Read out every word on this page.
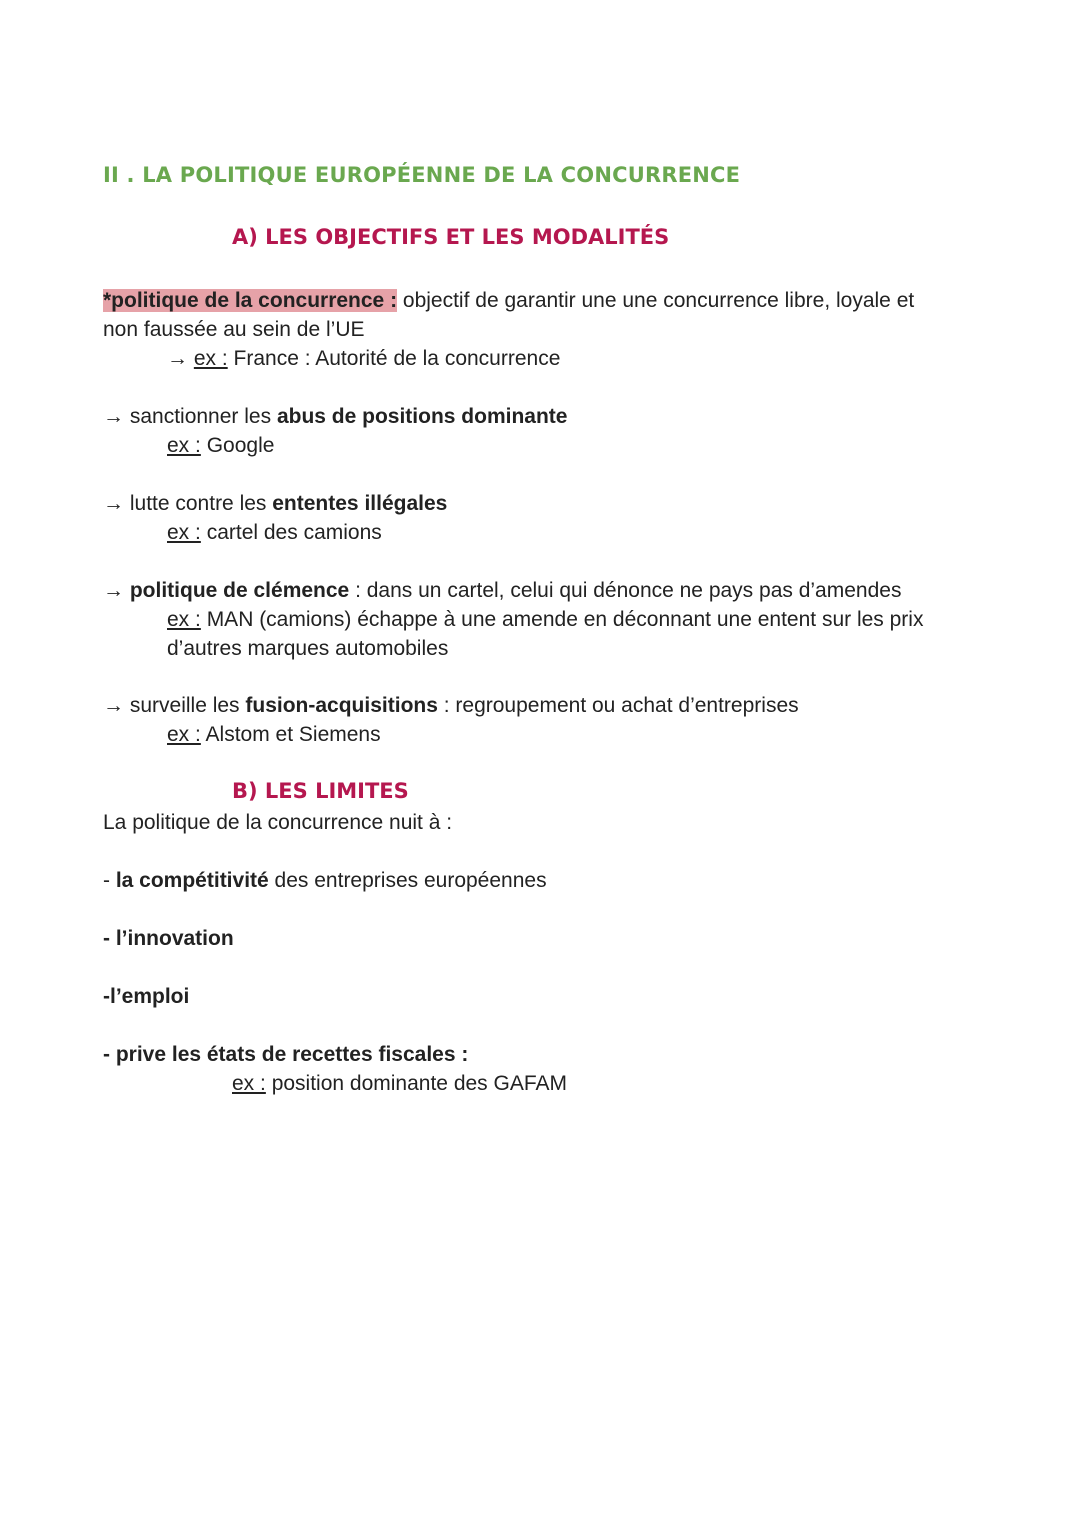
II . LA POLITIQUE EUROPÉENNE DE LA CONCURRENCE
A) LES OBJECTIFS ET LES MODALITÉS
*politique de la concurrence : objectif de garantir une une concurrence libre, loyale et
non faussée au sein de l’UE
→ ex : France : Autorité de la concurrence
→ sanctionner les abus de positions dominante
ex : Google
→ lutte contre les ententes illégales
ex : cartel des camions
→ politique de clémence : dans un cartel, celui qui dénonce ne pays pas d’amendes
ex : MAN (camions) échappe à une amende en déconnant une entent sur les prix
d’autres marques automobiles
→ surveille les fusion-acquisitions : regroupement ou achat d’entreprises
ex : Alstom et Siemens
B) LES LIMITES
La politique de la concurrence nuit à :
- la compétitivité des entreprises européennes
- l’innovation
-l’emploi
- prive les états de recettes fiscales :
ex : position dominante des GAFAM
